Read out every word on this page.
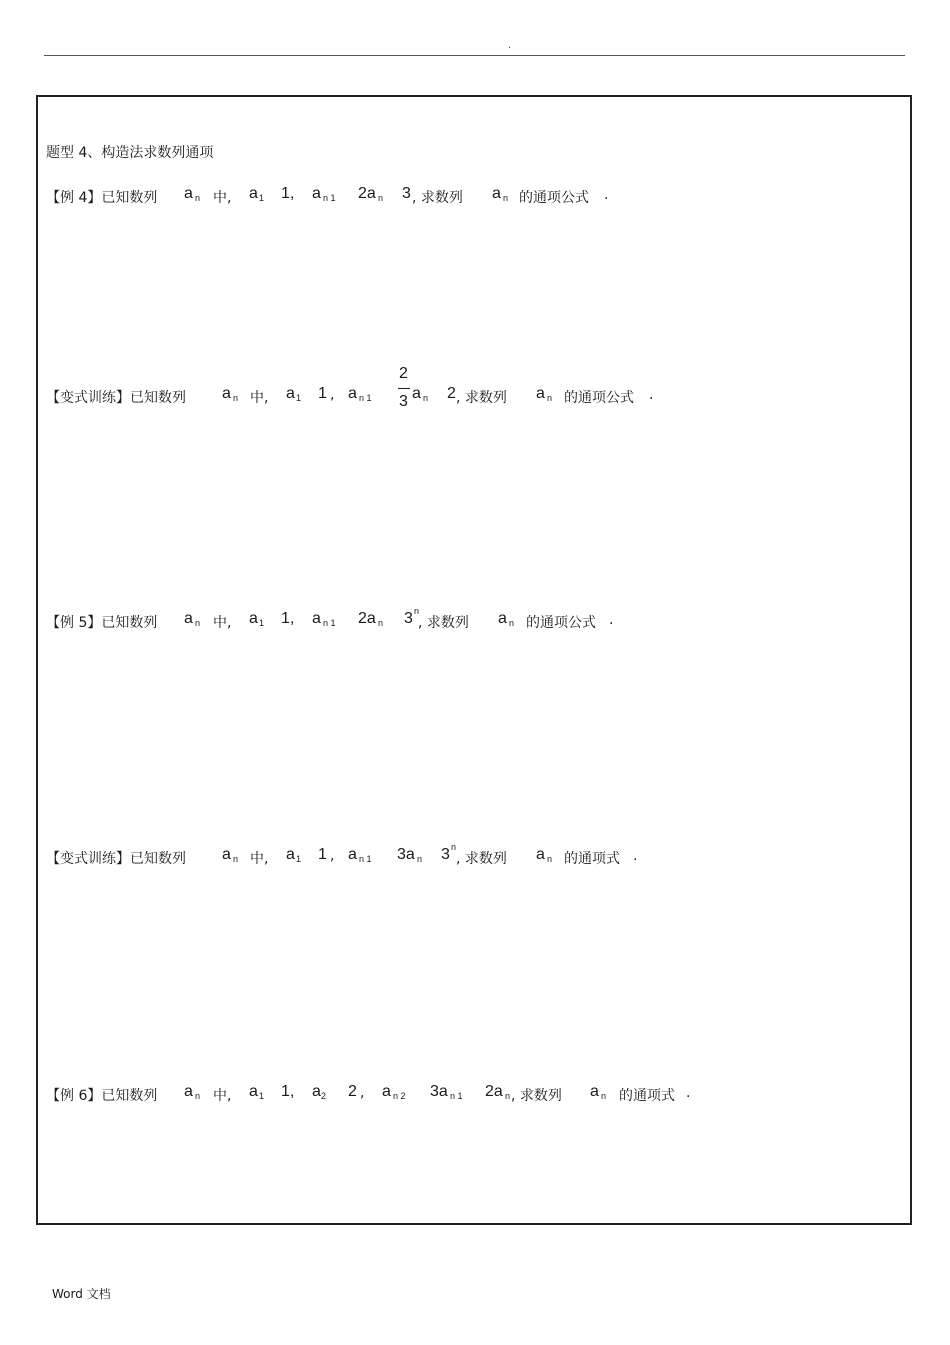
.
题型 4、构造法求数列通项
【例 4】已知数列 a n 中, a 1 1, a n 1 2a n 3 , 求数列 a n 的通项公式 .
【变式训练】已知数列 a n 中, a 1 1 , a n 1
2
3 a n 2 , 求数列 a n 的通项公式 .
【例 5】已知数列 a n 中, a 1 1, a n 1 2a n 3 n
, 求数列 a n 的通项公式 .
【变式训练】已知数列 a n 中, a 1 1 , a n 1 3a n 3 n
, 求数列 a n 的通项式 .
【例 6】已知数列 a n 中, a 1 1, a 2 2 , a n 2 3a n 1 2a n , 求数列 a n 的通项式 .
Word 文档
